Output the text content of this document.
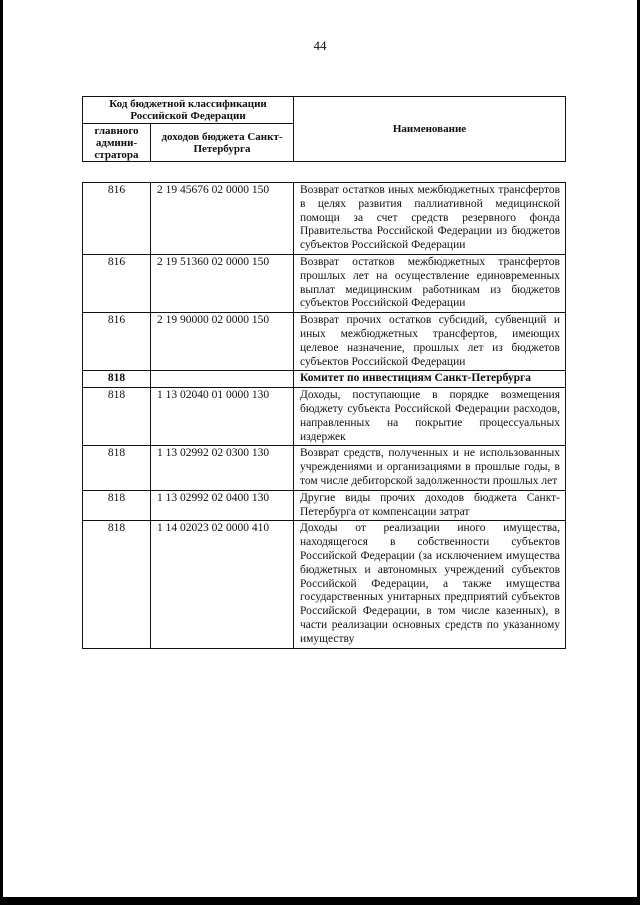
44
Код бюджетной классификации Российской Федерации		Наименование
главного админи-стратора	доходов бюджета Санкт-Петербурга	
816	2 19 45676 02 0000 150	Возврат остатков иных межбюджетных трансфертов в целях развития паллиативной медицинской помощи за счет средств резервного фонда Правительства Российской Федерации из бюджетов субъектов Российской Федерации
816	2 19 51360 02 0000 150	Возврат остатков межбюджетных трансфертов прошлых лет на осуществление единовременных выплат медицинским работникам из бюджетов субъектов Российской Федерации
816	2 19 90000 02 0000 150	Возврат прочих остатков субсидий, субвенций и иных межбюджетных трансфертов, имеющих целевое назначение, прошлых лет из бюджетов субъектов Российской Федерации
818		Комитет по инвестициям Санкт-Петербурга
818	1 13 02040 01 0000 130	Доходы, поступающие в порядке возмещения бюджету субъекта Российской Федерации расходов, направленных на покрытие процессуальных издержек
818	1 13 02992 02 0300 130	Возврат средств, полученных и не использованных учреждениями и организациями в прошлые годы, в том числе дебиторской задолженности прошлых лет
818	1 13 02992 02 0400 130	Другие виды прочих доходов бюджета Санкт-Петербурга от компенсации затрат
818	1 14 02023 02 0000 410	Доходы от реализации иного имущества, находящегося в собственности субъектов Российской Федерации (за исключением имущества бюджетных и автономных учреждений субъектов Российской Федерации, а также имущества государственных унитарных предприятий субъектов Российской Федерации, в том числе казенных), в части реализации основных средств по указанному имуществу
